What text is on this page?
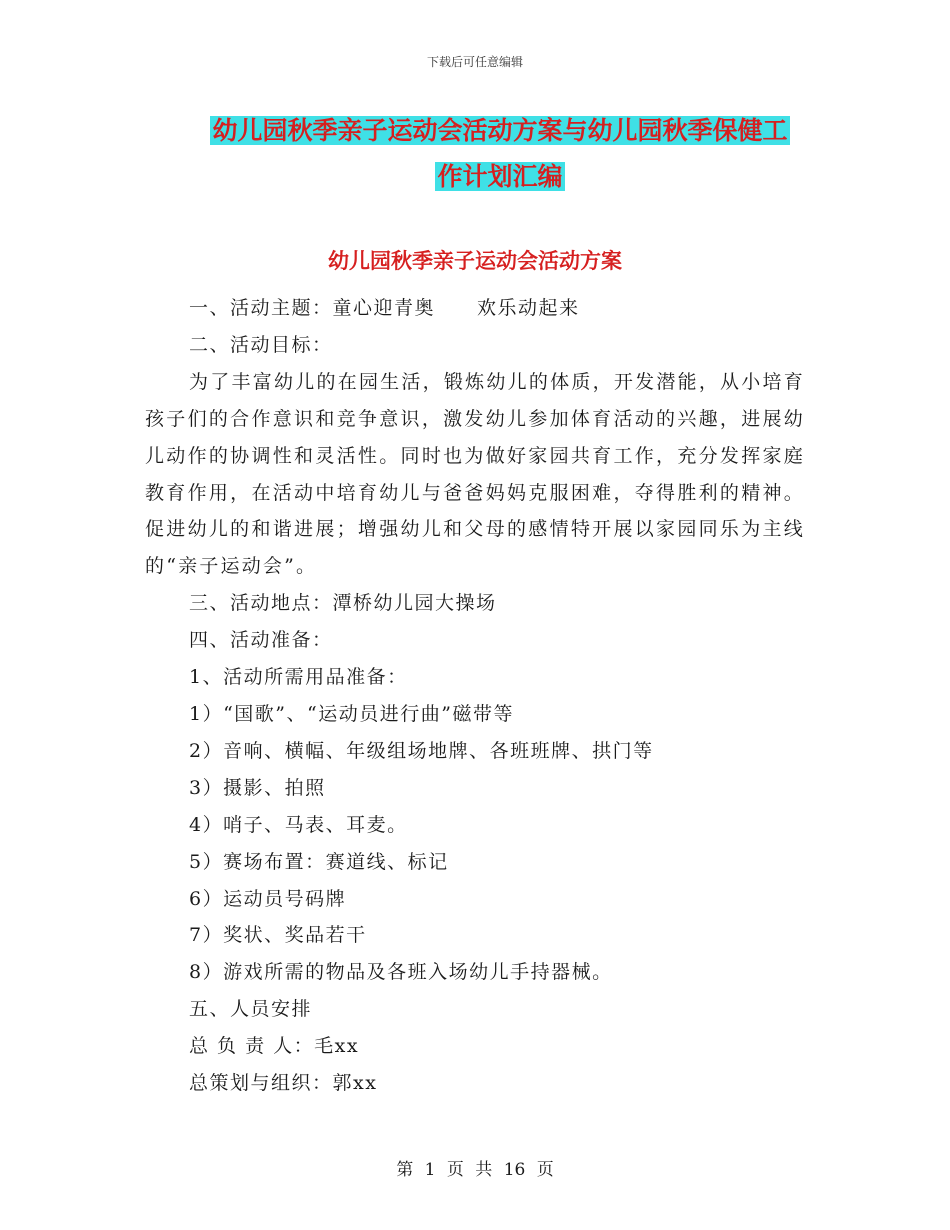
下载后可任意编辑
幼儿园秋季亲子运动会活动方案与幼儿园秋季保健工
作计划汇编
幼儿园秋季亲子运动会活动方案

一、活动主题：童心迎青奥 欢乐动起来

二、活动目标：

为了丰富幼儿的在园生活，锻炼幼儿的体质，开发潜能，从小培育孩子们的合作意识和竞争意识，激发幼儿参加体育活动的兴趣，进展幼儿动作的协调性和灵活性。同时也为做好家园共育工作，充分发挥家庭教育作用，在活动中培育幼儿与爸爸妈妈克服困难，夺得胜利的精神。促进幼儿的和谐进展；增强幼儿和父母的感情特开展以家园同乐为主线的“亲子运动会”。

三、活动地点：潭桥幼儿园大操场

四、活动准备：

1、活动所需用品准备：

1）“国歌”、“运动员进行曲”磁带等

2）音响、横幅、年级组场地牌、各班班牌、拱门等

3）摄影、拍照

4）哨子、马表、耳麦。

5）赛场布置：赛道线、标记

6）运动员号码牌

7）奖状、奖品若干

8）游戏所需的物品及各班入场幼儿手持器械。

五、人员安排

总 负 责 人：毛xx

总策划与组织：郭xx

第 1 页 共 16 页
